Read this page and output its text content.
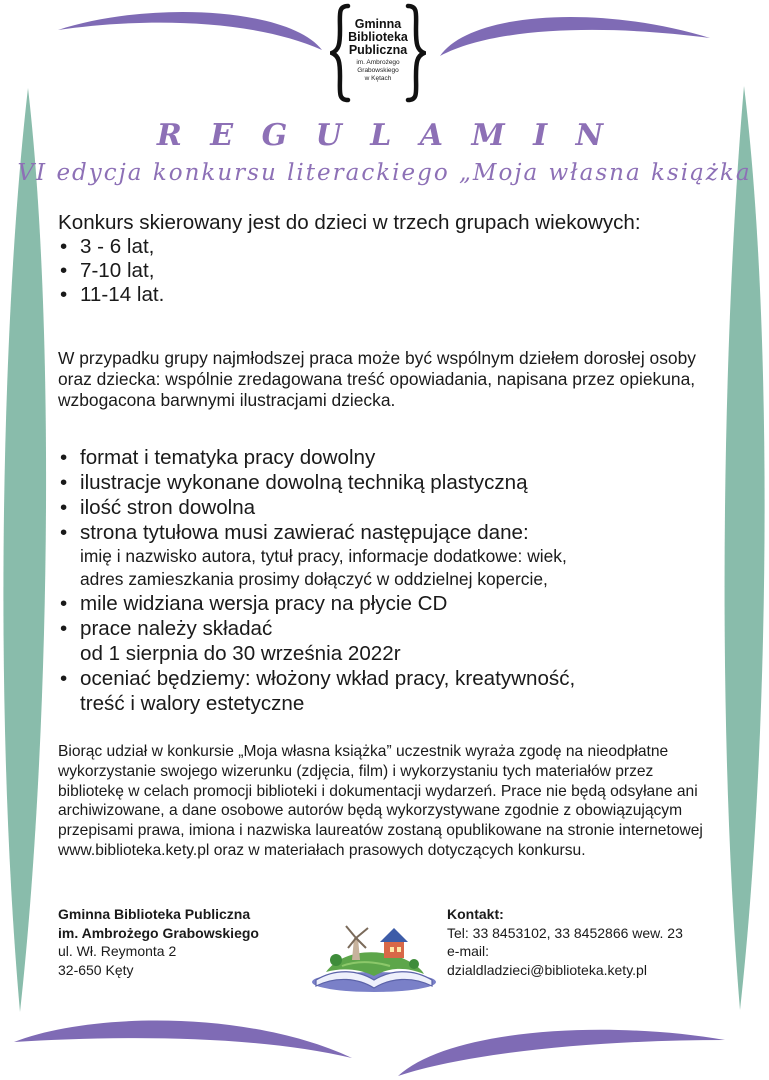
Gminna
Biblioteka
Publiczna
im. Ambrożego
Grabowskiego
w Kętach
R E G U L A M I N
VI edycja konkursu literackiego „Moja własna książka
Konkurs skierowany jest do dzieci w trzech grupach wiekowych:
• 3 - 6 lat,
• 7-10 lat,
• 11-14 lat.
W przypadku grupy najmłodszej praca może być wspólnym dziełem dorosłej osoby oraz dziecka: wspólnie zredagowana treść opowiadania, napisana przez opiekuna, wzbogacona barwnymi ilustracjami dziecka.
• format i tematyka pracy dowolny
• ilustracje wykonane dowolną techniką plastyczną
• ilość stron dowolna
• strona tytułowa musi zawierać następujące dane:
imię i nazwisko autora, tytuł pracy, informacje dodatkowe: wiek,
adres zamieszkania prosimy dołączyć w oddzielnej kopercie,
• mile widziana wersja pracy na płycie CD
• prace należy składać
od 1 sierpnia do 30 września 2022r
• oceniać będziemy: włożony wkład pracy, kreatywność,
treść i walory estetyczne
Biorąc udział w konkursie „Moja własna książka” uczestnik wyraża zgodę na nieodpłatne wykorzystanie swojego wizerunku (zdjęcia, film) i wykorzystaniu tych materiałów przez bibliotekę w celach promocji biblioteki i dokumentacji wydarzeń. Prace nie będą odsyłane ani archiwizowane, a dane osobowe autorów będą wykorzystywane zgodnie z obowiązującym przepisami prawa, imiona i nazwiska laureatów zostaną opublikowane na stronie internetowej www.biblioteka.kety.pl oraz w materiałach prasowych dotyczących konkursu.
Gminna Biblioteka Publiczna
im. Ambrożego Grabowskiego
ul. Wł. Reymonta 2
32-650 Kęty
Kontakt:
Tel: 33 8453102, 33 8452866 wew. 23
e-mail:
dzialdladzieci@biblioteka.kety.pl
